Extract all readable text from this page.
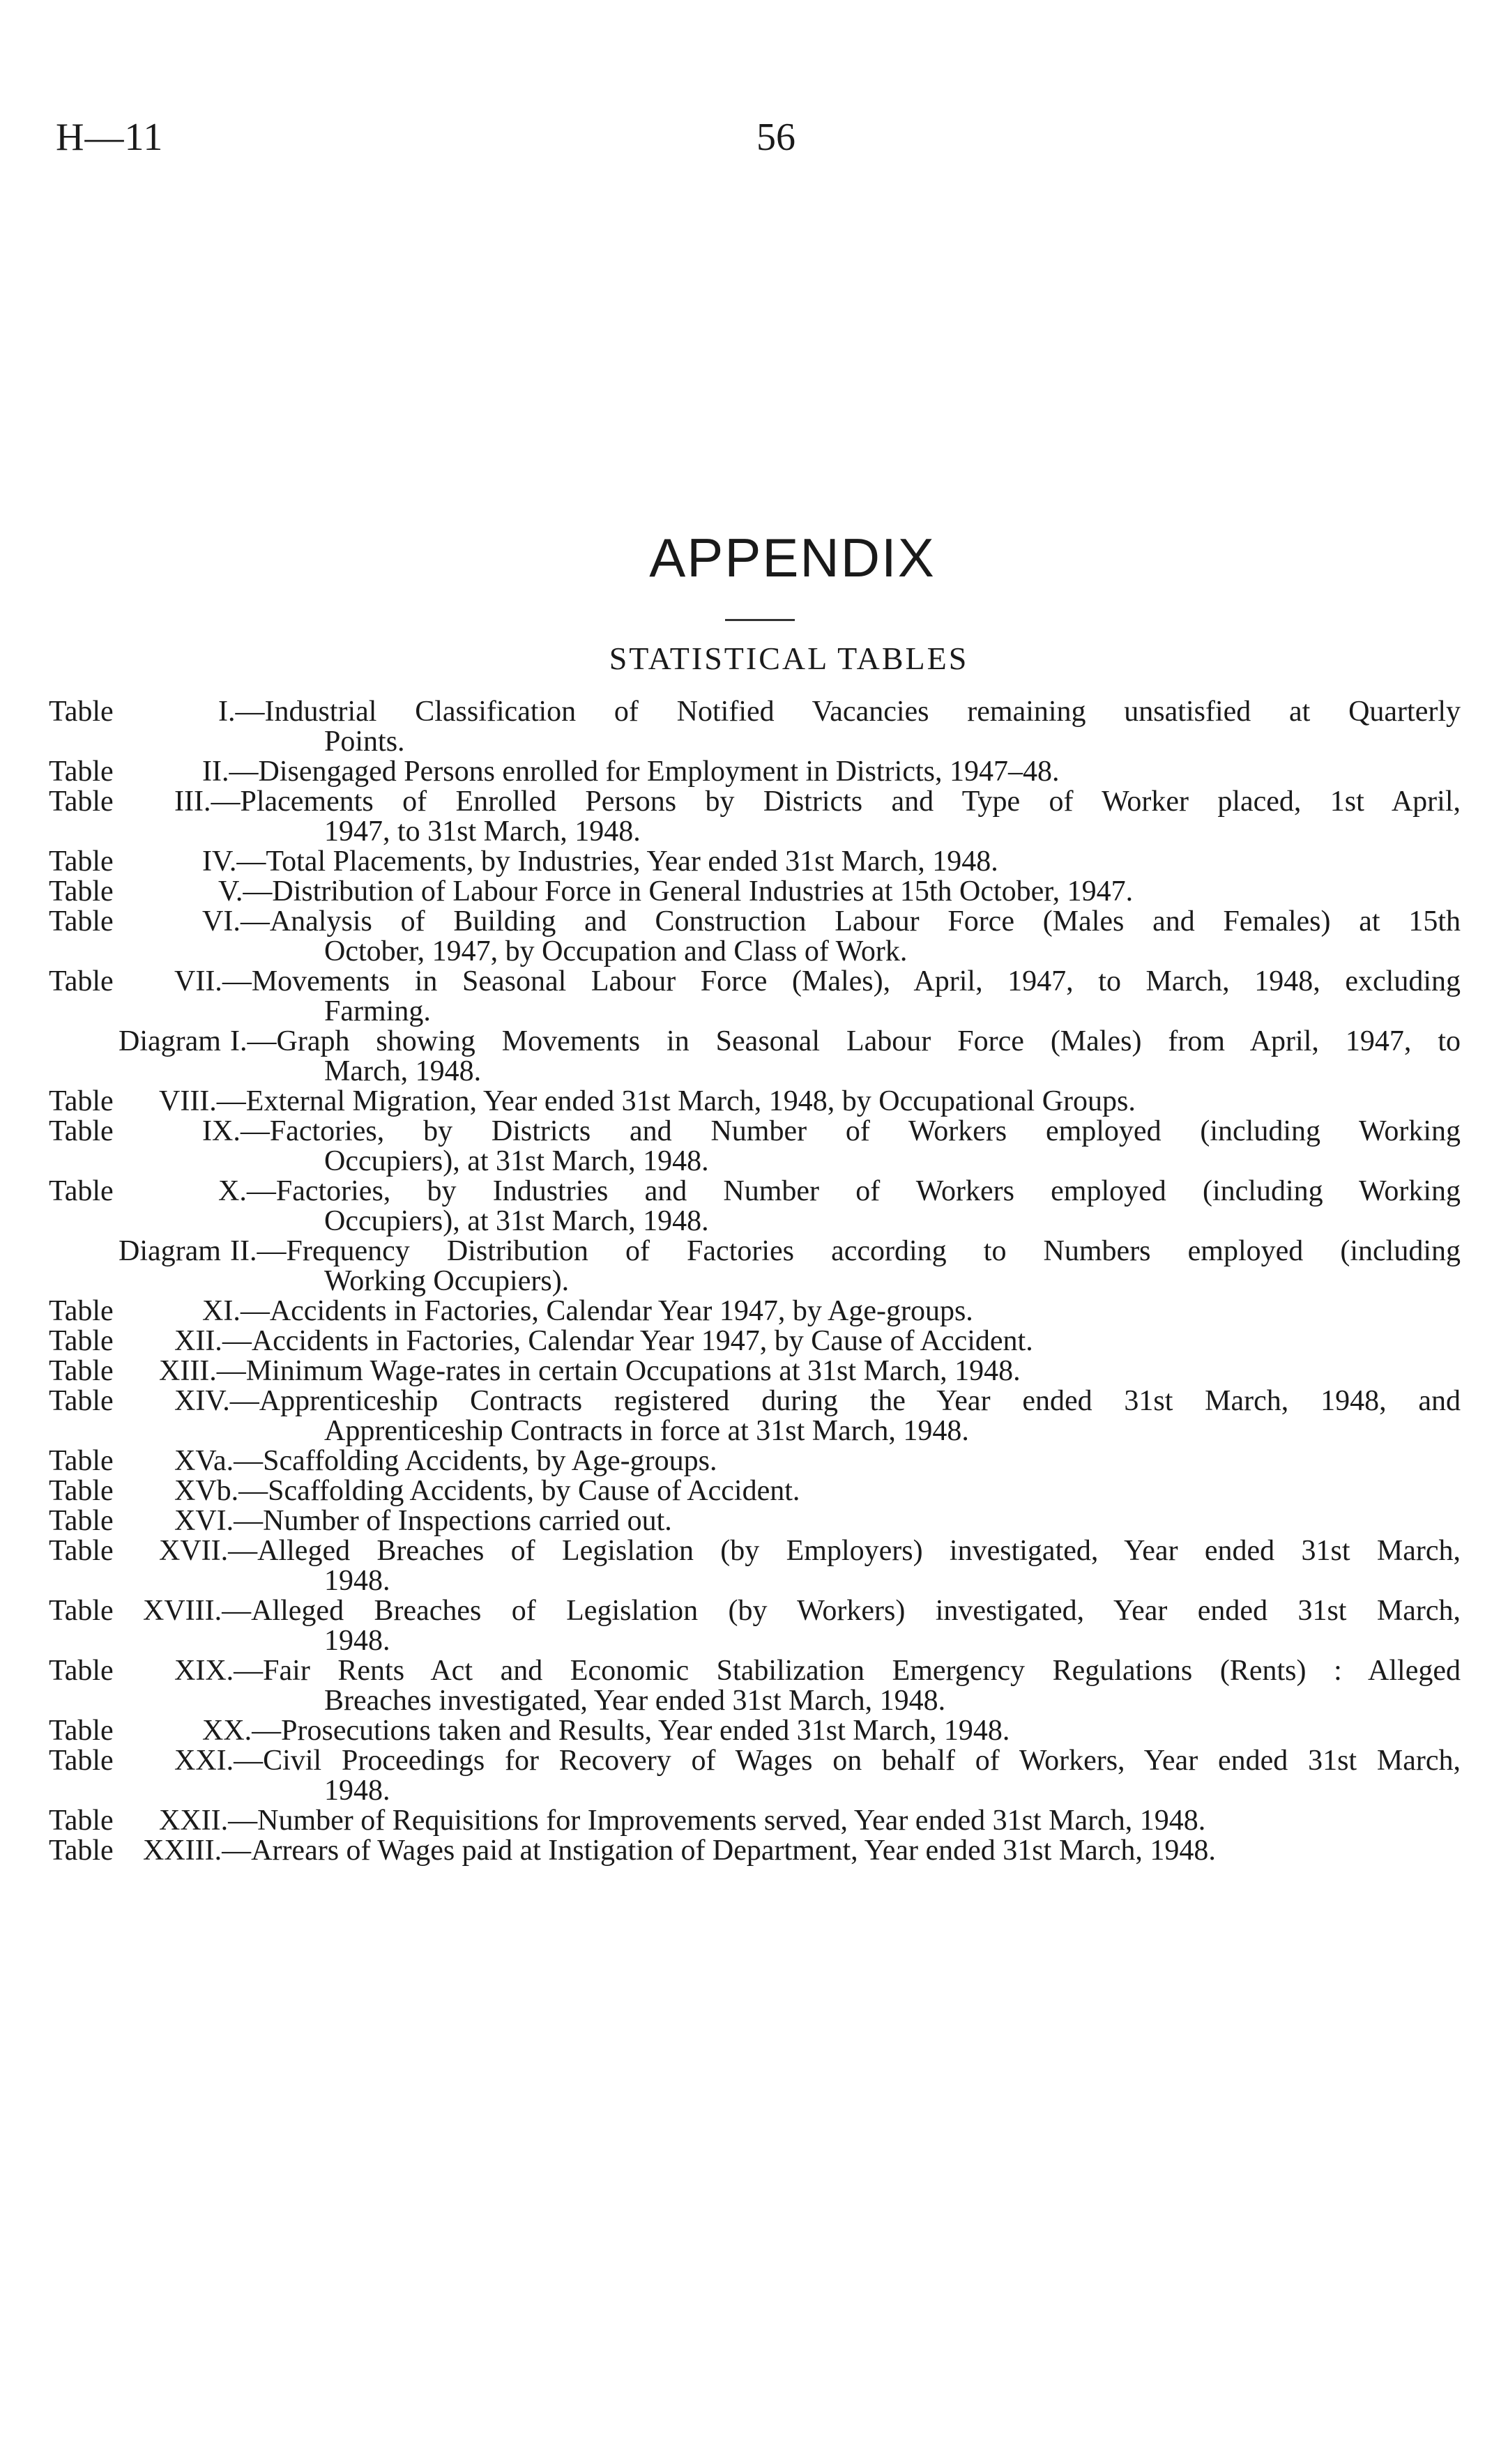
H—11	56
APPENDIX
STATISTICAL TABLES
Table	I. —Industrial Classification of Notified Vacancies remaining unsatisfied at Quarterly
Points.
Table	II. —Disengaged Persons enrolled for Employment in Districts, 1947–48.
Table III. —Placements of Enrolled Persons by Districts and Type of Worker placed, 1st April,
1947, to 31st March, 1948.
Table	IV. —Total Placements, by Industries, Year ended 31st March, 1948.
Table	V. —Distribution of Labour Force in General Industries at 15th October, 1947.
Table	VI. —Analysis of Building and Construction Labour Force (Males and Females) at 15th
October, 1947, by Occupation and Class of Work.
Table VII. —Movements in Seasonal Labour Force (Males), April, 1947, to March, 1948, excluding
Farming.
Diagram I. —Graph showing Movements in Seasonal Labour Force (Males) from April, 1947, to
March, 1948.
Table VIII. —External Migration, Year ended 31st March, 1948, by Occupational Groups.
Table	IX. —Factories, by Districts and Number of Workers employed (including Working
Occupiers), at 31st March, 1948.
Table	X. —Factories, by Industries and Number of Workers employed (including Working
Occupiers), at 31st March, 1948.
Diagram II. —Frequency Distribution of Factories according to Numbers employed (including
Working Occupiers).
Table	XI. —Accidents in Factories, Calendar Year 1947, by Age-groups.
Table XII. —Accidents in Factories, Calendar Year 1947, by Cause of Accident.
Table XIII. —Minimum Wage-rates in certain Occupations at 31st March, 1948.
Table XIV. —Apprenticeship Contracts registered during the Year ended 31st March, 1948, and
Apprenticeship Contracts in force at 31st March, 1948.
Table XVa. —Scaffolding Accidents, by Age-groups.
Table XVb. —Scaffolding Accidents, by Cause of Accident.
Table XVI. —Number of Inspections carried out.
Table XVII. —Alleged Breaches of Legislation (by Employers) investigated, Year ended 31st March,
1948.
Table XVIII. —Alleged Breaches of Legislation (by Workers) investigated, Year ended 31st March,
1948.
Table XIX. —Fair Rents Act and Economic Stabilization Emergency Regulations (Rents) : Alleged
Breaches investigated, Year ended 31st March, 1948.
Table	XX. —Prosecutions taken and Results, Year ended 31st March, 1948.
Table XXI. —Civil Proceedings for Recovery of Wages on behalf of Workers, Year ended 31st March,
1948.
Table XXII. —Number of Requisitions for Improvements served, Year ended 31st March, 1948.
Table XXIII. —Arrears of Wages paid at Instigation of Department, Year ended 31st March, 1948.
